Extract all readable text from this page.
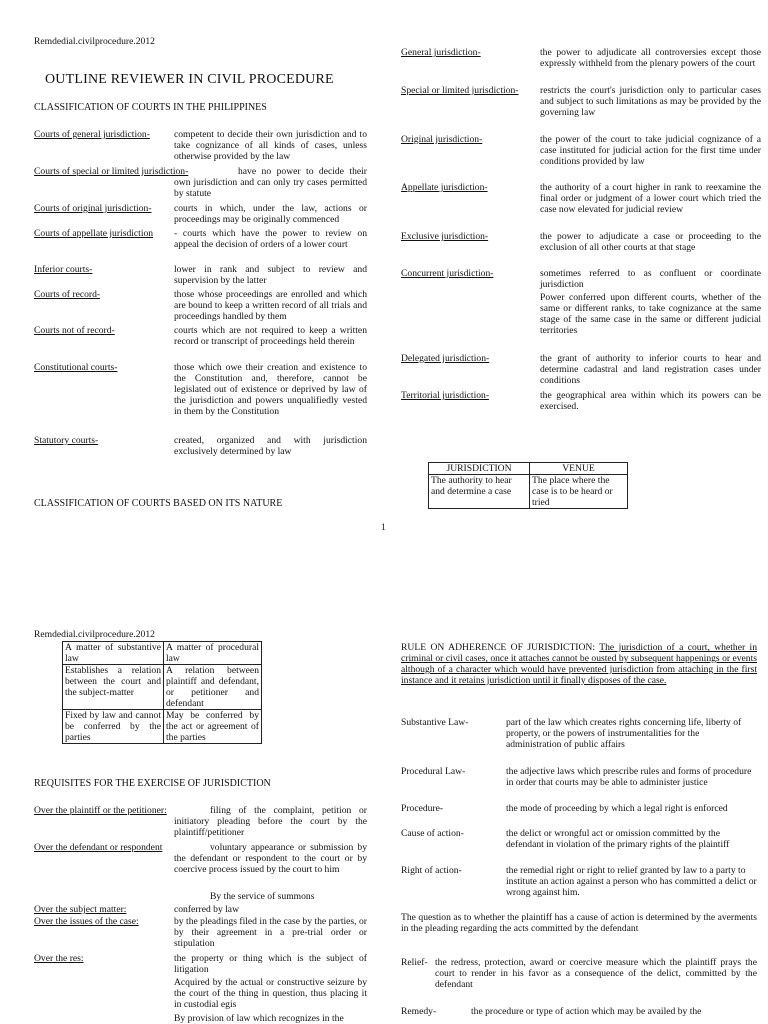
Remdedial.civilprocedure.2012
OUTLINE REVIEWER IN CIVIL PROCEDURE
CLASSIFICATION OF COURTS IN THE PHILIPPINES
Courts of general jurisdiction-	competent to decide their own jurisdiction and to take cognizance of all kinds of cases, unless otherwise provided by the law
Courts of special or limited jurisdiction-	have no power to decide their own jurisdiction and can only try cases permitted by statute
Courts of original jurisdiction- courts in which, under the law, actions or proceedings may be originally commenced
Courts of appellate jurisdiction - courts which have the power to review on appeal the decision of orders of a lower court
Inferior courts-	lower in rank and subject to review and supervision by the latter
Courts of record-	those whose proceedings are enrolled and which are bound to keep a written record of all trials and proceedings handled by them
Courts not of record-	courts which are not required to keep a written record or transcript of proceedings held therein
Constitutional courts-	those which owe their creation and existence to the Constitution and, therefore, cannot be legislated out of existence or deprived by law of the jurisdiction and powers unqualifiedly vested in them by the Constitution
Statutory courts-	created, organized and with jurisdiction exclusively determined by law
CLASSIFICATION OF COURTS BASED ON ITS NATURE
General jurisdiction-	the power to adjudicate all controversies except those expressly withheld from the plenary powers of the court
Special or limited jurisdiction- restricts the court's jurisdiction only to particular cases and subject to such limitations as may be provided by the governing law
Original jurisdiction-	the power of the court to take judicial cognizance of a case instituted for judicial action for the first time under conditions provided by law
Appellate jurisdiction-	the authority of a court higher in rank to reexamine the final order or judgment of a lower court which tried the case now elevated for judicial review
Exclusive jurisdiction-	the power to adjudicate a case or proceeding to the exclusion of all other courts at that stage
Concurrent jurisdiction-	sometimes referred to as confluent or coordinate jurisdiction
Power conferred upon different courts, whether of the same or different ranks, to take cognizance at the same stage of the same case in the same or different judicial territories
Delegated jurisdiction-	the grant of authority to inferior courts to hear and determine cadastral and land registration cases under conditions
Territorial jurisdiction-	the geographical area within which its powers can be exercised.
JURISDICTION	VENUE
The authority to hear and determine a case	The place where the case is to be heard or tried
1
Remdedial.civilprocedure.2012
A matter of substantive law	A matter of procedural law
Establishes a relation between the court and the subject-matter	A relation between plaintiff and defendant, or petitioner and defendant
Fixed by law and cannot be conferred by the parties	May be conferred by the act or agreement of the parties
REQUISITES FOR THE EXERCISE OF JURISDICTION
Over the plaintiff or the petitioner:	filing of the complaint, petition or initiatory pleading before the court by the plaintiff/petitioner
Over the defendant or respondent	voluntary appearance or submission by the defendant or respondent to the court or by coercive process issued by the court to him
By the service of summons
Over the subject matter:	conferred by law
Over the issues of the case:	by the pleadings filed in the case by the parties, or by their agreement in a pre-trial order or stipulation
Over the res:	the property or thing which is the subject of litigation
Acquired by the actual or constructive seizure by the court of the thing in question, thus placing it in custodial egis
By provision of law which recognizes in the
RULE ON ADHERENCE OF JURISDICTION: The jurisdiction of a court, whether in criminal or civil cases, once it attaches cannot be ousted by subsequent happenings or events although of a character which would have prevented jurisdiction from attaching in the first instance and it retains jurisdiction until it finally disposes of the case.
Substantive Law-	part of the law which creates rights concerning life, liberty of property, or the powers of instrumentalities for the administration of public affairs
Procedural Law-	the adjective laws which prescribe rules and forms of procedure in order that courts may be able to administer justice
Procedure-	the mode of proceeding by which a legal right is enforced
Cause of action-	the delict or wrongful act or omission committed by the defendant in violation of the primary rights of the plaintiff
Right of action-	the remedial right or right to relief granted by law to a party to institute an action against a person who has committed a delict or wrong against him.
The question as to whether the plaintiff has a cause of action is determined by the averments in the pleading regarding the acts committed by the defendant
Relief- the redress, protection, award or coercive measure which the plaintiff prays the court to render in his favor as a consequence of the delict, committed by the defendant
Remedy-	the procedure or type of action which may be availed by the
